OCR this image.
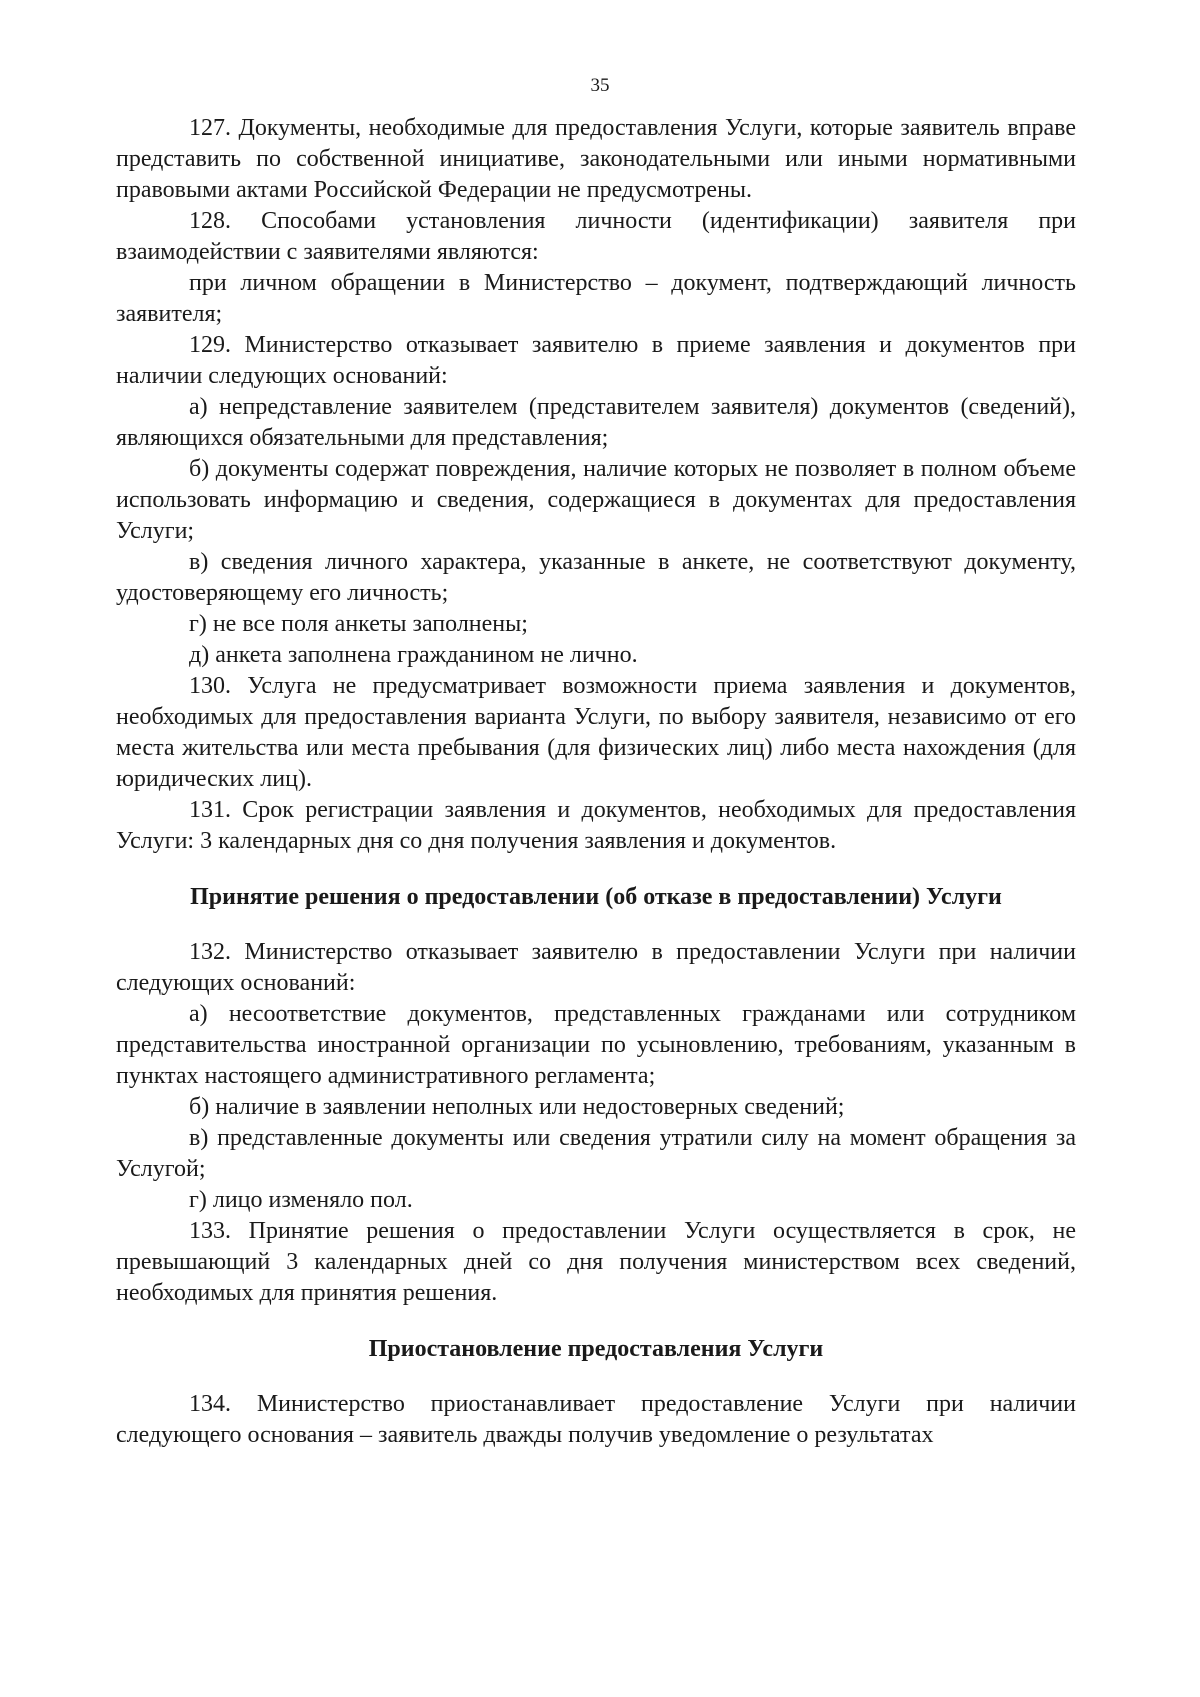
35

127. Документы, необходимые для предоставления Услуги, которые заявитель вправе представить по собственной инициативе, законодательными или иными нормативными правовыми актами Российской Федерации не предусмотрены.

128. Способами установления личности (идентификации) заявителя при взаимодействии с заявителями являются:

при личном обращении в Министерство – документ, подтверждающий личность заявителя;

129. Министерство отказывает заявителю в приеме заявления и документов при наличии следующих оснований:

а) непредставление заявителем (представителем заявителя) документов (сведений), являющихся обязательными для представления;

б) документы содержат повреждения, наличие которых не позволяет в полном объеме использовать информацию и сведения, содержащиеся в документах для предоставления Услуги;

в) сведения личного характера, указанные в анкете, не соответствуют документу, удостоверяющему его личность;

г) не все поля анкеты заполнены;

д) анкета заполнена гражданином не лично.

130. Услуга не предусматривает возможности приема заявления и документов, необходимых для предоставления варианта Услуги, по выбору заявителя, независимо от его места жительства или места пребывания (для физических лиц) либо места нахождения (для юридических лиц).

131. Срок регистрации заявления и документов, необходимых для предоставления Услуги: 3 календарных дня со дня получения заявления и документов.

Принятие решения о предоставлении (об отказе в предоставлении) Услуги

132. Министерство отказывает заявителю в предоставлении Услуги при наличии следующих оснований:

а) несоответствие документов, представленных гражданами или сотрудником представительства иностранной организации по усыновлению, требованиям, указанным в пунктах настоящего административного регламента;

б) наличие в заявлении неполных или недостоверных сведений;

в) представленные документы или сведения утратили силу на момент обращения за Услугой;

г) лицо изменяло пол.

133. Принятие решения о предоставлении Услуги осуществляется в срок, не превышающий 3 календарных дней со дня получения министерством всех сведений, необходимых для принятия решения.

Приостановление предоставления Услуги

134. Министерство приостанавливает предоставление Услуги при наличии следующего основания – заявитель дважды получив уведомление о результатах
